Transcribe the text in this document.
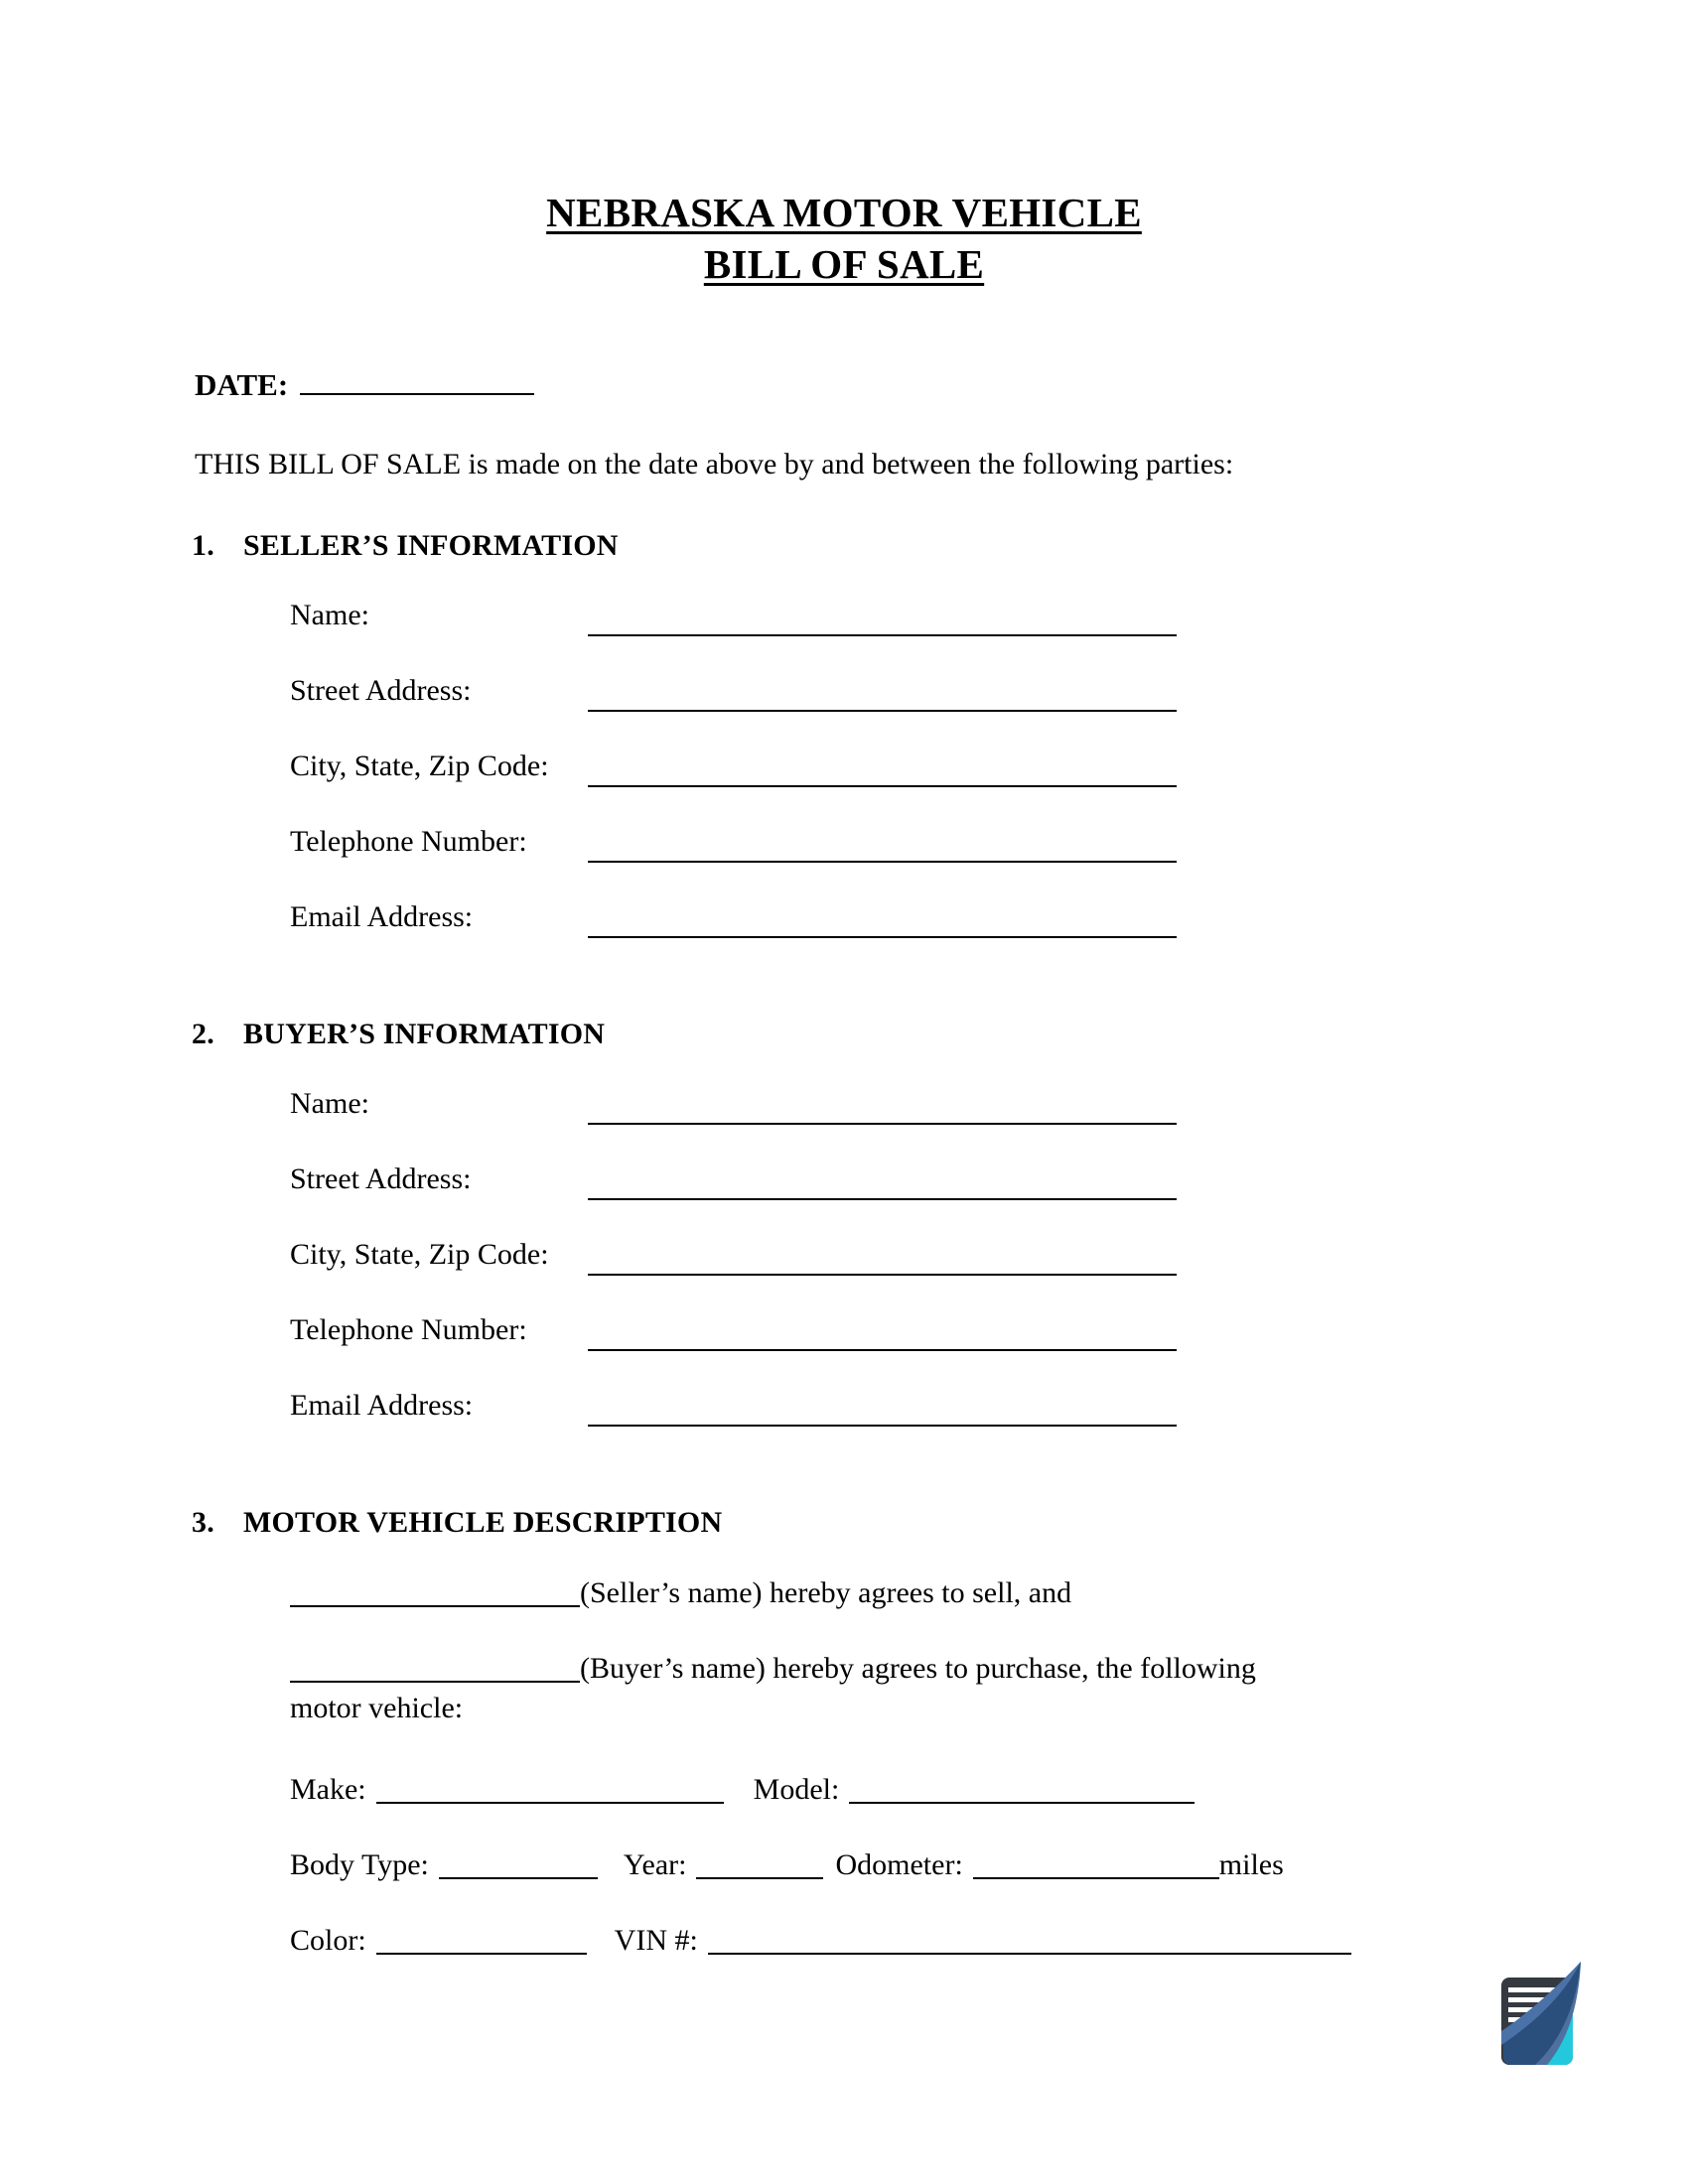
NEBRASKA MOTOR VEHICLE
BILL OF SALE
DATE:
THIS BILL OF SALE is made on the date above by and between the following parties:
1. SELLER’S INFORMATION
Name:
Street Address:
City, State, Zip Code:
Telephone Number:
Email Address:
2. BUYER’S INFORMATION
Name:
Street Address:
City, State, Zip Code:
Telephone Number:
Email Address:
3. MOTOR VEHICLE DESCRIPTION
(Seller’s name) hereby agrees to sell, and
(Buyer’s name) hereby agrees to purchase, the following
motor vehicle:
Make:	Model:
Body Type:	Year:	Odometer:	miles
Color:	VIN #:
